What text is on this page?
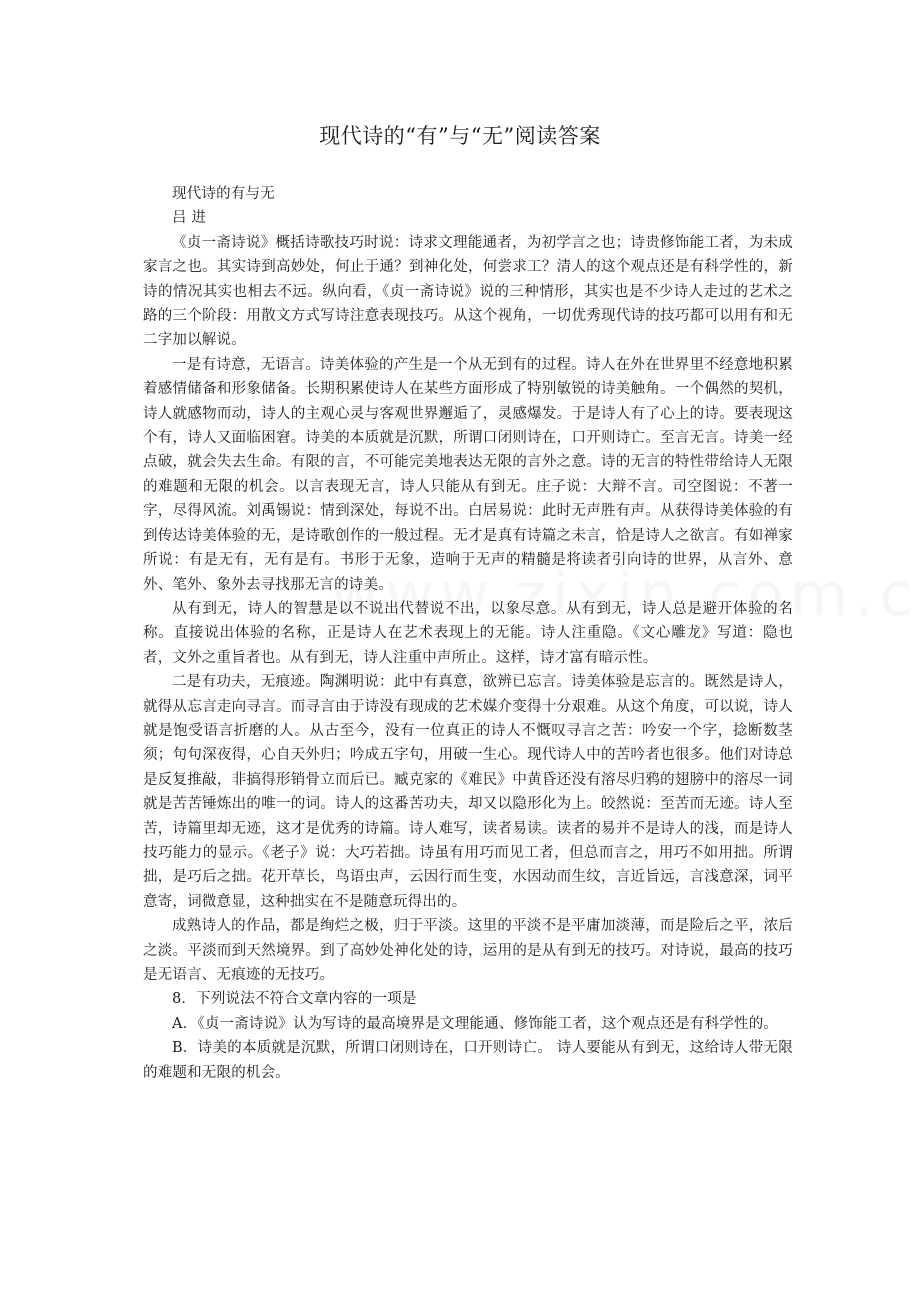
现代诗的“有”与“无”阅读答案

现代诗的有与无

吕 进

《贞一斋诗说》概括诗歌技巧时说：诗求文理能通者，为初学言之也；诗贵修饰能工者，为未成家言之也。其实诗到高妙处，何止于通？到神化处，何尝求工？清人的这个观点还是有科学性的，新诗的情况其实也相去不远。纵向看，《贞一斋诗说》说的三种情形，其实也是不少诗人走过的艺术之路的三个阶段：用散文方式写诗注意表现技巧。从这个视角，一切优秀现代诗的技巧都可以用有和无二字加以解说。

一是有诗意，无语言。诗美体验的产生是一个从无到有的过程。诗人在外在世界里不经意地积累着感情储备和形象储备。长期积累使诗人在某些方面形成了特别敏锐的诗美触角。一个偶然的契机，诗人就感物而动，诗人的主观心灵与客观世界邂逅了，灵感爆发。于是诗人有了心上的诗。要表现这个有，诗人又面临困窘。诗美的本质就是沉默，所谓口闭则诗在，口开则诗亡。至言无言。诗美一经点破，就会失去生命。有限的言，不可能完美地表达无限的言外之意。诗的无言的特性带给诗人无限的难题和无限的机会。以言表现无言，诗人只能从有到无。庄子说：大辩不言。司空图说：不著一字，尽得风流。刘禹锡说：情到深处，每说不出。白居易说：此时无声胜有声。从获得诗美体验的有到传达诗美体验的无，是诗歌创作的一般过程。无才是真有诗篇之未言，恰是诗人之欲言。有如禅家所说：有是无有，无有是有。书形于无象，造响于无声的精髓是将读者引向诗的世界，从言外、意外、笔外、象外去寻找那无言的诗美。

从有到无，诗人的智慧是以不说出代替说不出，以象尽意。从有到无，诗人总是避开体验的名称。直接说出体验的名称，正是诗人在艺术表现上的无能。诗人注重隐。《文心雕龙》写道：隐也者，文外之重旨者也。从有到无，诗人注重中声所止。这样，诗才富有暗示性。

二是有功夫，无痕迹。陶渊明说：此中有真意，欲辨已忘言。诗美体验是忘言的。既然是诗人，就得从忘言走向寻言。而寻言由于诗没有现成的艺术媒介变得十分艰难。从这个角度，可以说，诗人就是饱受语言折磨的人。从古至今，没有一位真正的诗人不慨叹寻言之苦：吟安一个字，捻断数茎须；句句深夜得，心自天外归；吟成五字句，用破一生心。现代诗人中的苦吟者也很多。他们对诗总是反复推敲，非搞得形销骨立而后已。臧克家的《难民》中黄昏还没有溶尽归鸦的翅膀中的溶尽一词就是苦苦锤炼出的唯一的词。诗人的这番苦功夫，却又以隐形化为上。皎然说：至苦而无迹。诗人至苦，诗篇里却无迹，这才是优秀的诗篇。诗人难写，读者易读。读者的易并不是诗人的浅，而是诗人技巧能力的显示。《老子》说：大巧若拙。诗虽有用巧而见工者，但总而言之，用巧不如用拙。所谓拙，是巧后之拙。花开草长，鸟语虫声，云因行而生变，水因动而生纹，言近旨远，言浅意深，词平意寄，词微意显，这种拙实在不是随意玩得出的。

成熟诗人的作品，都是绚烂之极，归于平淡。这里的平淡不是平庸加淡薄，而是险后之平，浓后之淡。平淡而到天然境界。到了高妙处神化处的诗，运用的是从有到无的技巧。对诗说，最高的技巧是无语言、无痕迹的无技巧。

8．下列说法不符合文章内容的一项是

A．《贞一斋诗说》认为写诗的最高境界是文理能通、修饰能工者，这个观点还是有科学性的。

B．诗美的本质就是沉默，所谓口闭则诗在，口开则诗亡。 诗人要能从有到无，这给诗人带无限的难题和无限的机会。
